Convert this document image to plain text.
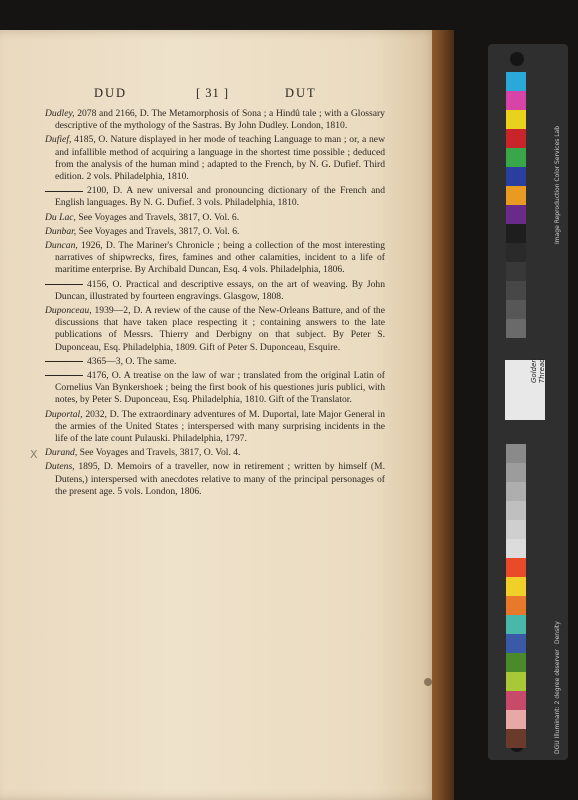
DUD	[ 31 ]	DUT
Dudley, 2078 and 2166, D. The Metamorphosis of Sona ; a Hindû tale ; with a Glossary descriptive of the mythology of the Sastras. By John Dudley. London, 1810.
Dufief, 4185, O. Nature displayed in her mode of teaching Language to man ; or, a new and infallible method of acquiring a language in the shortest time possible ; deduced from the analysis of the human mind ; adapted to the French, by N. G. Dufief. Third edition. 2 vols. Philadelphia, 1810.
2100, D. A new universal and pronouncing dictionary of the French and English languages. By N. G. Dufief. 3 vols. Philadelphia, 1810.
Du Lac, See Voyages and Travels, 3817, O. Vol. 6.
Dunbar, See Voyages and Travels, 3817, O. Vol. 6.
Duncan, 1926, D. The Mariner's Chronicle ; being a collection of the most interesting narratives of shipwrecks, fires, famines and other calamities, incident to a life of maritime enterprise. By Archibald Duncan, Esq. 4 vols. Philadelphia, 1806.
4156, O. Practical and descriptive essays, on the art of weaving. By John Duncan, illustrated by fourteen engravings. Glasgow, 1808.
Duponceau, 1939—2, D. A review of the cause of the New-Orleans Batture, and of the discussions that have taken place respecting it ; containing answers to the late publications of Messrs. Thierry and Derbigny on that subject. By Peter S. Duponceau, Esq. Philadelphia, 1809. Gift of Peter S. Duponceau, Esquire.
4365—3, O. The same.
4176, O. A treatise on the law of war ; translated from the original Latin of Cornelius Van Bynkershoek ; being the first book of his questiones juris publici, with notes, by Peter S. Duponceau, Esq. Philadelphia, 1810. Gift of the Translator.
Duportal, 2032, D. The extraordinary adventures of M. Duportal, late Major General in the armies of the United States ; interspersed with many surprising incidents in the life of the late count Pulauski. Philadelphia, 1797.
Durand, See Voyages and Travels, 3817, O. Vol. 4.
Dutens, 1895, D. Memoirs of a traveller, now in retirement ; written by himself (M. Dutens,) interspersed with anecdotes relative to many of the principal personages of the present age. 5 vols. London, 1806.
X
Image Reproduction Color Services Lab
Density
DGU Illuminant: 2 degree observer
Golden Thread
